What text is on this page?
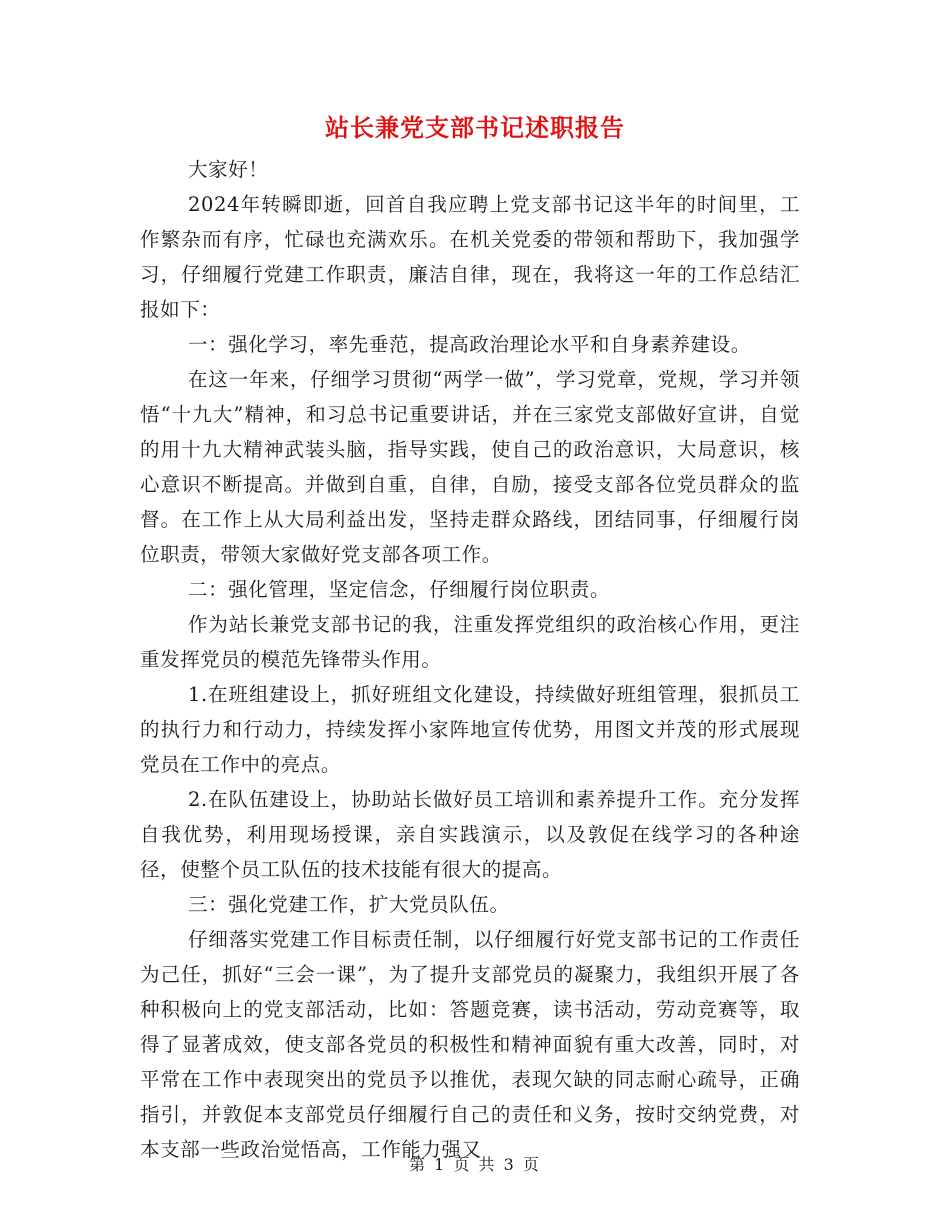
站长兼党支部书记述职报告

大家好！

2024年转瞬即逝，回首自我应聘上党支部书记这半年的时间里，工作繁杂而有序，忙碌也充满欢乐。在机关党委的带领和帮助下，我加强学习，仔细履行党建工作职责，廉洁自律，现在，我将这一年的工作总结汇报如下：

一：强化学习，率先垂范，提高政治理论水平和自身素养建设。

在这一年来，仔细学习贯彻“两学一做”，学习党章，党规，学习并领悟“十九大”精神，和习总书记重要讲话，并在三家党支部做好宣讲，自觉的用十九大精神武装头脑，指导实践，使自己的政治意识，大局意识，核心意识不断提高。并做到自重，自律，自励，接受支部各位党员群众的监督。在工作上从大局利益出发，坚持走群众路线，团结同事，仔细履行岗位职责，带领大家做好党支部各项工作。

二：强化管理，坚定信念，仔细履行岗位职责。

作为站长兼党支部书记的我，注重发挥党组织的政治核心作用，更注重发挥党员的模范先锋带头作用。

1.在班组建设上，抓好班组文化建设，持续做好班组管理，狠抓员工的执行力和行动力，持续发挥小家阵地宣传优势，用图文并茂的形式展现党员在工作中的亮点。

2.在队伍建设上，协助站长做好员工培训和素养提升工作。充分发挥自我优势，利用现场授课，亲自实践演示，以及敦促在线学习的各种途径，使整个员工队伍的技术技能有很大的提高。

三：强化党建工作，扩大党员队伍。

仔细落实党建工作目标责任制，以仔细履行好党支部书记的工作责任为己任，抓好“三会一课”，为了提升支部党员的凝聚力，我组织开展了各种积极向上的党支部活动，比如：答题竞赛，读书活动，劳动竞赛等，取得了显著成效，使支部各党员的积极性和精神面貌有重大改善，同时，对平常在工作中表现突出的党员予以推优，表现欠缺的同志耐心疏导，正确指引，并敦促本支部党员仔细履行自己的责任和义务，按时交纳党费，对本支部一些政治觉悟高，工作能力强又

第 1 页 共 3 页
